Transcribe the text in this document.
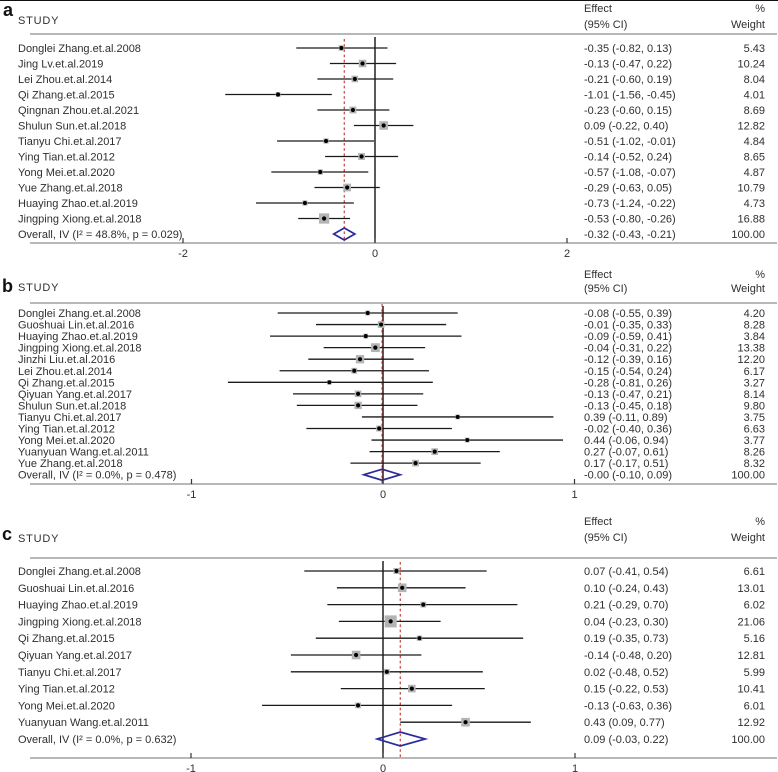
a
STUDY
Effect
(95% CI)
%
Weight
Donglei Zhang.et.al.2008	-0.35 (-0.82, 0.13)	5.43
Jing Lv.et.al.2019	-0.13 (-0.47, 0.22)	10.24
Lei Zhou.et.al.2014	-0.21 (-0.60, 0.19)	8.04
Qi Zhang.et.al.2015	-1.01 (-1.56, -0.45)	4.01
Qingnan Zhou.et.al.2021	-0.23 (-0.60, 0.15)	8.69
Shulun Sun.et.al.2018	0.09 (-0.22, 0.40)	12.82
Tianyu Chi.et.al.2017	-0.51 (-1.02, -0.01)	4.84
Ying Tian.et.al.2012	-0.14 (-0.52, 0.24)	8.65
Yong Mei.et.al.2020	-0.57 (-1.08, -0.07)	4.87
Yue Zhang.et.al.2018	-0.29 (-0.63, 0.05)	10.79
Huaying Zhao.et.al.2019	-0.73 (-1.24, -0.22)	4.73
Jingping Xiong.et.al.2018	-0.53 (-0.80, -0.26)	16.88
Overall, IV (I² = 48.8%, p = 0.029)	-0.32 (-0.43, -0.21)	100.00
-2	0	2
b STUDY
Effect
(95% CI)
%
Weight
Donglei Zhang.et.al.2008	-0.08 (-0.55, 0.39)	4.20
Guoshuai Lin.et.al.2016	-0.01 (-0.35, 0.33)	8.28
Huaying Zhao.et.al.2019	-0.09 (-0.59, 0.41)	3.84
Jingping Xiong.et.al.2018	-0.04 (-0.31, 0.22)	13.38
Jinzhi Liu.et.al.2016	-0.12 (-0.39, 0.16)	12.20
Lei Zhou.et.al.2014	-0.15 (-0.54, 0.24)	6.17
Qi Zhang.et.al.2015	-0.28 (-0.81, 0.26)	3.27
Qiyuan Yang.et.al.2017	-0.13 (-0.47, 0.21)	8.14
Shulun Sun.et.al.2018	-0.13 (-0.45, 0.18)	9.80
Tianyu Chi.et.al.2017	0.39 (-0.11, 0.89)	3.75
Ying Tian.et.al.2012	-0.02 (-0.40, 0.36)	6.63
Yong Mei.et.al.2020	0.44 (-0.06, 0.94)	3.77
Yuanyuan Wang.et.al.2011	0.27 (-0.07, 0.61)	8.26
Yue Zhang.et.al.2018	0.17 (-0.17, 0.51)	8.32
Overall, IV (I² = 0.0%, p = 0.478)	-0.00 (-0.10, 0.09)	100.00
-1	0	1
c STUDY
Effect
(95% CI)
%
Weight
Donglei Zhang.et.al.2008	0.07 (-0.41, 0.54)	6.61
Guoshuai Lin.et.al.2016	0.10 (-0.24, 0.43)	13.01
Huaying Zhao.et.al.2019	0.21 (-0.29, 0.70)	6.02
Jingping Xiong.et.al.2018	0.04 (-0.23, 0.30)	21.06
Qi Zhang.et.al.2015	0.19 (-0.35, 0.73)	5.16
Qiyuan Yang.et.al.2017	-0.14 (-0.48, 0.20)	12.81
Tianyu Chi.et.al.2017	0.02 (-0.48, 0.52)	5.99
Ying Tian.et.al.2012	0.15 (-0.22, 0.53)	10.41
Yong Mei.et.al.2020	-0.13 (-0.63, 0.36)	6.01
Yuanyuan Wang.et.al.2011	0.43 (0.09, 0.77)	12.92
Overall, IV (I² = 0.0%, p = 0.632)	0.09 (-0.03, 0.22)	100.00
-1	0	1
